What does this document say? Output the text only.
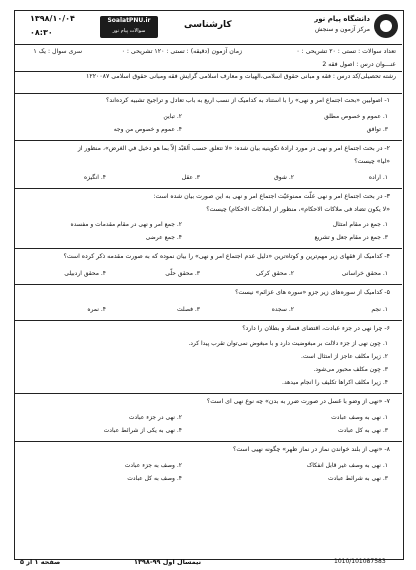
دانشگاه پیام نور
مرکز آزمون و سنجش
کارشناسی
SoalatPNU.ir
سوالات پیام نور
۱۳۹۸/۱۰/۰۴
۰۸:۳۰
تعداد سوالات : تستی : ۲۰ تشریحی : ۰
زمان آزمون (دقیقه) : تستی : ۱۲۰ تشریحی : ۰
سری سوال : یک ۱
عنـــوان درس : اصول فقه 2
رشته تحصیلی/کد درس : فقه و مبانی حقوق اسلامی،الهیات و معارف اسلامی گرایش فقه ومبانی حقوق اسلامی ۱۲۲۰۰۸۷
۱- اصولیین «بحث اجتماع امر و نهی» را با استناد به کدامیک از نسب اربع به باب تعادل و تراجیح تشبیه کرده‌اند؟
۱. عموم و خصوص مطلق
۲. تباین
۳. توافق
۴. عموم و خصوص من وجه
۲- در بحث اجتماع امر و نهی در مورد ارادۀ تکوینیه بیان شده: «لا تتعلق حسب اَلعَبْد إلاّ بما هو دخیل في الغرض»، منظور از
«لیا» چیست؟
۱. اراده
۲. شوق
۳. عقل
۴. انگیزه
۳- در بحث اجتماع امر و نهی علّت ممنوعیّت اجتماع امر و نهی به این صورت بیان شده است:
«لا یکون تضاد فی ملاکات الاحکام»، منظور از (ملاکات الاحکام) چیست؟
۱. جمع در مقام امتثال
۲. جمع امر و نهی در مقام مقدمات و مفسده
۳. جمع در مقام جعل و تشریع
۴. جمع عرضی
۴- کدامیک از فقهای زیر مهم‌ترین و کوتاه‌ترین «دلیل عدم اجتماع امر و نهی» را بیان نموده که به صورت مقدمه ذکر کرده است؟
۱. محقق خراسانی
۲. محقق کرکی
۳. محقق حلّی
۴. محقق اردبیلی
۵- کدامیک از سوره‌های زیر جزو «سوره های عزائم» نیست؟
۱. نجم
۲. سجده
۳. فصلت
۴. نمره
۶- چرا نهی در جزء عبادت، اقتضای فساد و بطلان را دارد؟
۱. چون نهی از جزء دلالت بر مبغوضیت دارد و با مبغوض نمی‌توان تقرب پیدا کرد.
۲. زیرا مکلف عاجز از امتثال است.
۳. چون مکلف محبور می‌شود.
۴. زیرا مکلف اکراها تکلیف را انجام میدهد.
۷- «نهی از وضو با غسل در صورت ضرر به بدن» چه نوع نهی ای است؟
۱. نهی به وصف عبادت
۲. نهی در جزء عبادت
۳. نهی به کل عبادت
۴. نهی به یکی از شرائط عبادت
۸- «نهی از بلند خواندن نماز در نماز ظهر» چگونه نهیی است؟
۱. نهی به وصف غیر قابل انفکاک
۲. وصف به جزء عبادت
۳. نهی به شرائط عبادت
۴. وصف به کل عبادت
صفحه ۱ از ۵	نیمسال اول ۹۹-۱۳۹۸	1010/101087583
